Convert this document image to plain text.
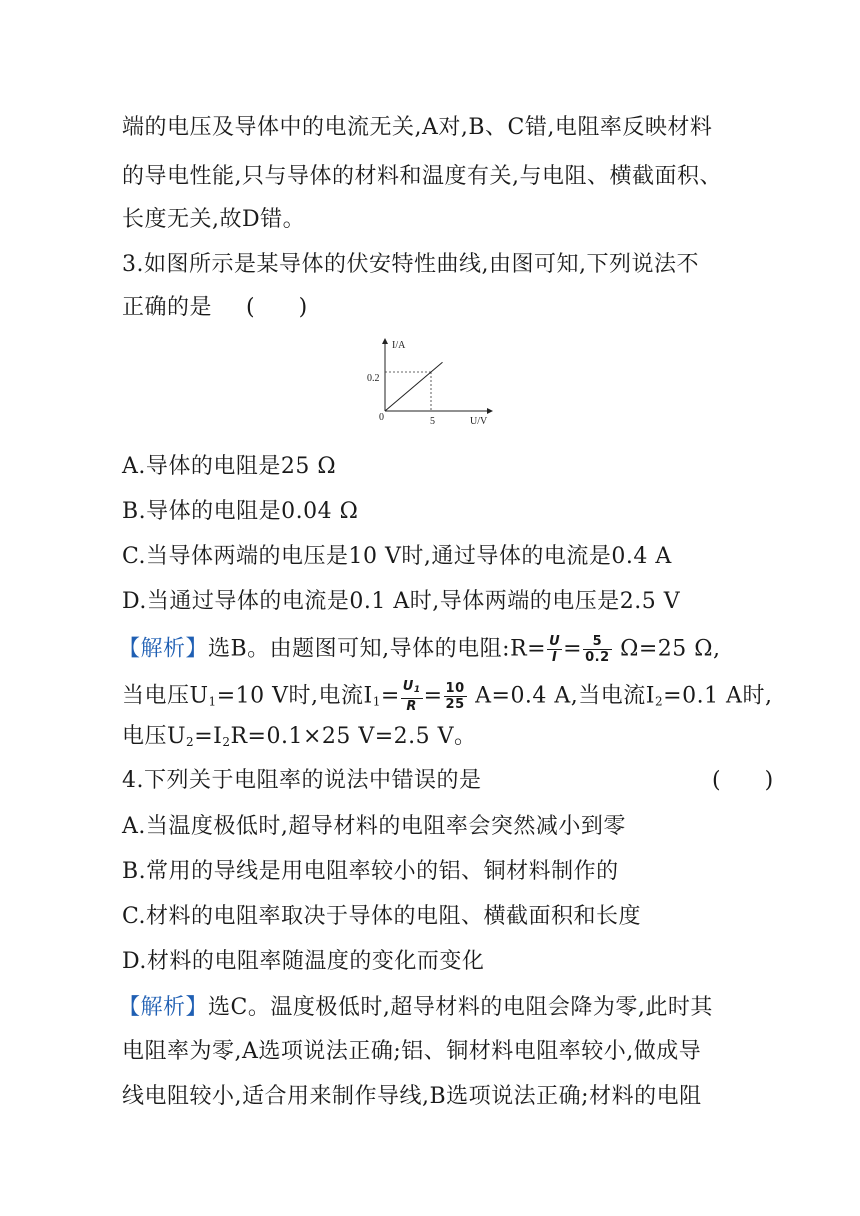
端的电压及导体中的电流无关,A对,B、C错,电阻率反映材料
的导电性能,只与导体的材料和温度有关,与电阻、横截面积、
长度无关,故D错。
3.如图所示是某导体的伏安特性曲线,由图可知,下列说法不
正确的是 (　　)
I/A
U/V
0	5
0.2
A.导体的电阻是25 Ω
B.导体的电阻是0.04 Ω
C.当导体两端的电压是10 V时,通过导体的电流是0.4 A
D.当通过导体的电流是0.1 A时,导体两端的电压是2.5 V
【解析】选B。由题图可知,导体的电阻:R= $\frac{U}{I} = \frac{5}{0.2} \Omega=25$ Ω,
当电压$U_1=10$ V时,电流$I_1= \frac{U_1}{R} = \frac{10}{25} A=0.4$ A,当电流$I_2=0.1$ A时,
电压$U_2=I_2R=0.1\times 25$ V=2.5 V。
4.下列关于电阻率的说法中错误的是	(　　)
A.当温度极低时,超导材料的电阻率会突然减小到零
B.常用的导线是用电阻率较小的铝、铜材料制作的
C.材料的电阻率取决于导体的电阻、横截面积和长度
D.材料的电阻率随温度的变化而变化
【解析】选C。温度极低时,超导材料的电阻会降为零,此时其
电阻率为零,A选项说法正确;铝、铜材料电阻率较小,做成导
线电阻较小,适合用来制作导线,B选项说法正确;材料的电阻
